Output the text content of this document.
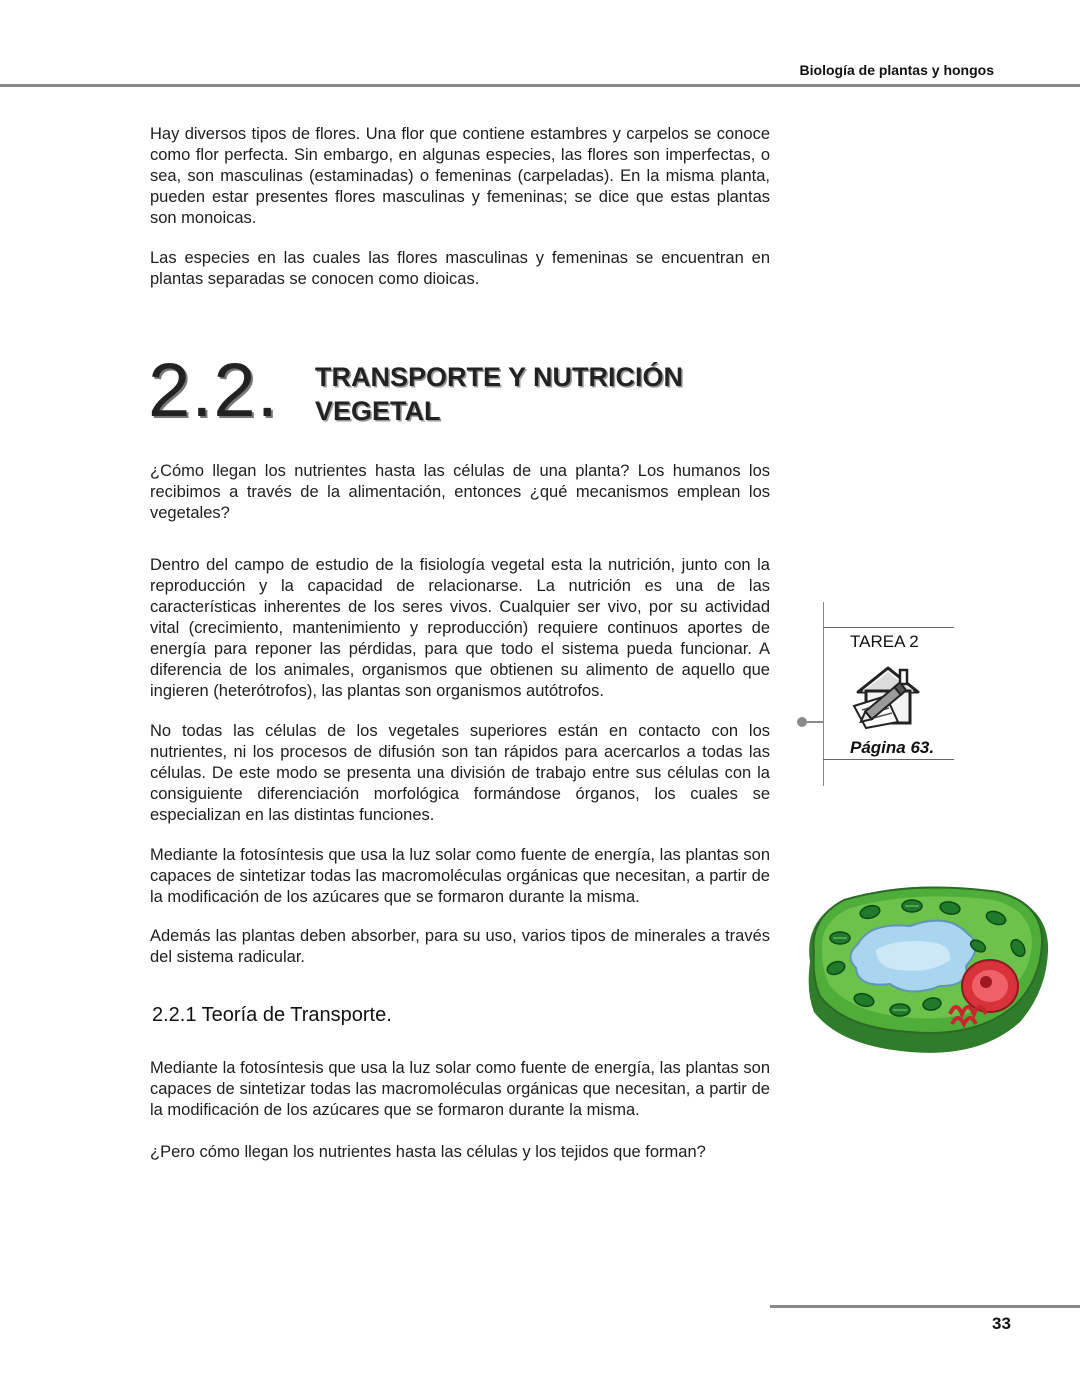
Biología de plantas y hongos

Hay diversos tipos de flores. Una flor que contiene estambres y carpelos se conoce como flor perfecta. Sin embargo, en algunas especies, las flores son imperfectas, o sea, son masculinas (estaminadas) o femeninas (carpeladas). En la misma planta, pueden estar presentes flores masculinas y femeninas; se dice que estas plantas son monoicas.

Las especies en las cuales las flores masculinas y femeninas se encuentran en plantas separadas se conocen como dioicas.

2.2. TRANSPORTE Y NUTRICIÓN
VEGETAL

¿Cómo llegan los nutrientes hasta las células de una planta? Los humanos los recibimos a través de la alimentación, entonces ¿qué mecanismos emplean los vegetales?

Dentro del campo de estudio de la fisiología vegetal esta la nutrición, junto con la reproducción y la capacidad de relacionarse. La nutrición es una de las características inherentes de los seres vivos. Cualquier ser vivo, por su actividad vital (crecimiento, mantenimiento y reproducción) requiere continuos aportes de energía para reponer las pérdidas, para que todo el sistema pueda funcionar. A diferencia de los animales, organismos que obtienen su alimento de aquello que ingieren (heterótrofos), las plantas son organismos autótrofos.

No todas las células de los vegetales superiores están en contacto con los nutrientes, ni los procesos de difusión son tan rápidos para acercarlos a todas las células. De este modo se presenta una división de trabajo entre sus células con la consiguiente diferenciación morfológica formándose órganos, los cuales se especializan en las distintas funciones.

Mediante la fotosíntesis que usa la luz solar como fuente de energía, las plantas son capaces de sintetizar todas las macromoléculas orgánicas que necesitan, a partir de la modificación de los azúcares que se formaron durante la misma.

Además las plantas deben absorber, para su uso, varios tipos de minerales a través del sistema radicular.

2.2.1 Teoría de Transporte.

Mediante la fotosíntesis que usa la luz solar como fuente de energía, las plantas son capaces de sintetizar todas las macromoléculas orgánicas que necesitan, a partir de la modificación de los azúcares que se formaron durante la misma.

¿Pero cómo llegan los nutrientes hasta las células y los tejidos que forman?

TAREA 2
Página 63.
33
